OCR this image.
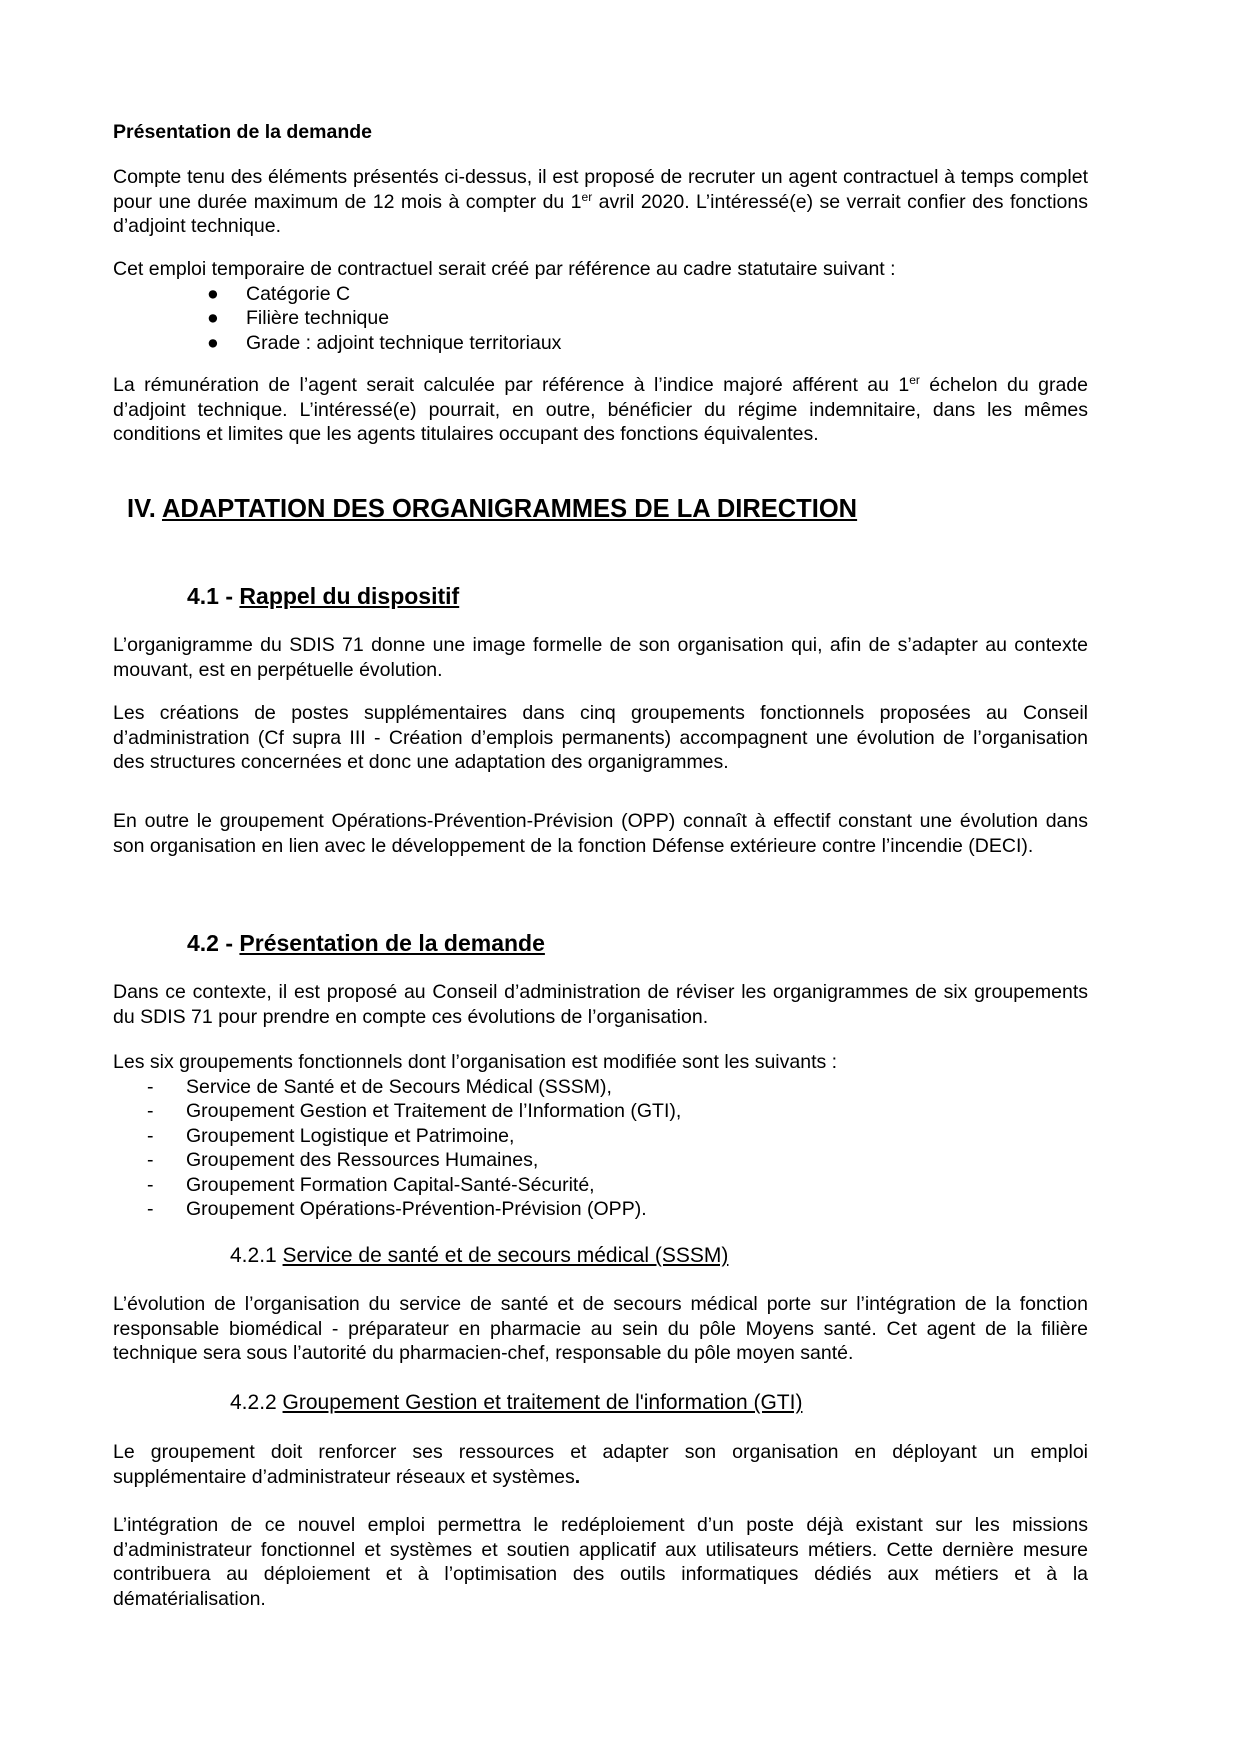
Présentation de la demande

Compte tenu des éléments présentés ci-dessus, il est proposé de recruter un agent contractuel à temps complet pour une durée maximum de 12 mois à compter du 1er avril 2020. L’intéressé(e) se verrait confier des fonctions d’adjoint technique.

Cet emploi temporaire de contractuel serait créé par référence au cadre statutaire suivant :

● Catégorie C
● Filière technique
● Grade : adjoint technique territoriaux

La rémunération de l’agent serait calculée par référence à l’indice majoré afférent au 1er échelon du grade d’adjoint technique. L’intéressé(e) pourrait, en outre, bénéficier du régime indemnitaire, dans les mêmes conditions et limites que les agents titulaires occupant des fonctions équivalentes.

IV. ADAPTATION DES ORGANIGRAMMES DE LA DIRECTION
4.1 - Rappel du dispositif

L’organigramme du SDIS 71 donne une image formelle de son organisation qui, afin de s’adapter au contexte mouvant, est en perpétuelle évolution.

Les créations de postes supplémentaires dans cinq groupements fonctionnels proposées au Conseil d’administration (Cf supra III - Création d’emplois permanents) accompagnent une évolution de l’organisation des structures concernées et donc une adaptation des organigrammes.

En outre le groupement Opérations-Prévention-Prévision (OPP) connaît à effectif constant une évolution dans son organisation en lien avec le développement de la fonction Défense extérieure contre l’incendie (DECI).

4.2 - Présentation de la demande

Dans ce contexte, il est proposé au Conseil d’administration de réviser les organigrammes de six groupements du SDIS 71 pour prendre en compte ces évolutions de l’organisation.

Les six groupements fonctionnels dont l’organisation est modifiée sont les suivants :

- Service de Santé et de Secours Médical (SSSM),
- Groupement Gestion et Traitement de l’Information (GTI),
- Groupement Logistique et Patrimoine,
- Groupement des Ressources Humaines,
- Groupement Formation Capital-Santé-Sécurité,
- Groupement Opérations-Prévention-Prévision (OPP).
4.2.1 Service de santé et de secours médical (SSSM)

L’évolution de l’organisation du service de santé et de secours médical porte sur l’intégration de la fonction responsable biomédical - préparateur en pharmacie au sein du pôle Moyens santé. Cet agent de la filière technique sera sous l’autorité du pharmacien-chef, responsable du pôle moyen santé.

4.2.2 Groupement Gestion et traitement de l'information (GTI)

Le groupement doit renforcer ses ressources et adapter son organisation en déployant un emploi supplémentaire d’administrateur réseaux et systèmes.

L’intégration de ce nouvel emploi permettra le redéploiement d’un poste déjà existant sur les missions d’administrateur fonctionnel et systèmes et soutien applicatif aux utilisateurs métiers. Cette dernière mesure contribuera au déploiement et à l’optimisation des outils informatiques dédiés aux métiers et à la dématérialisation.
